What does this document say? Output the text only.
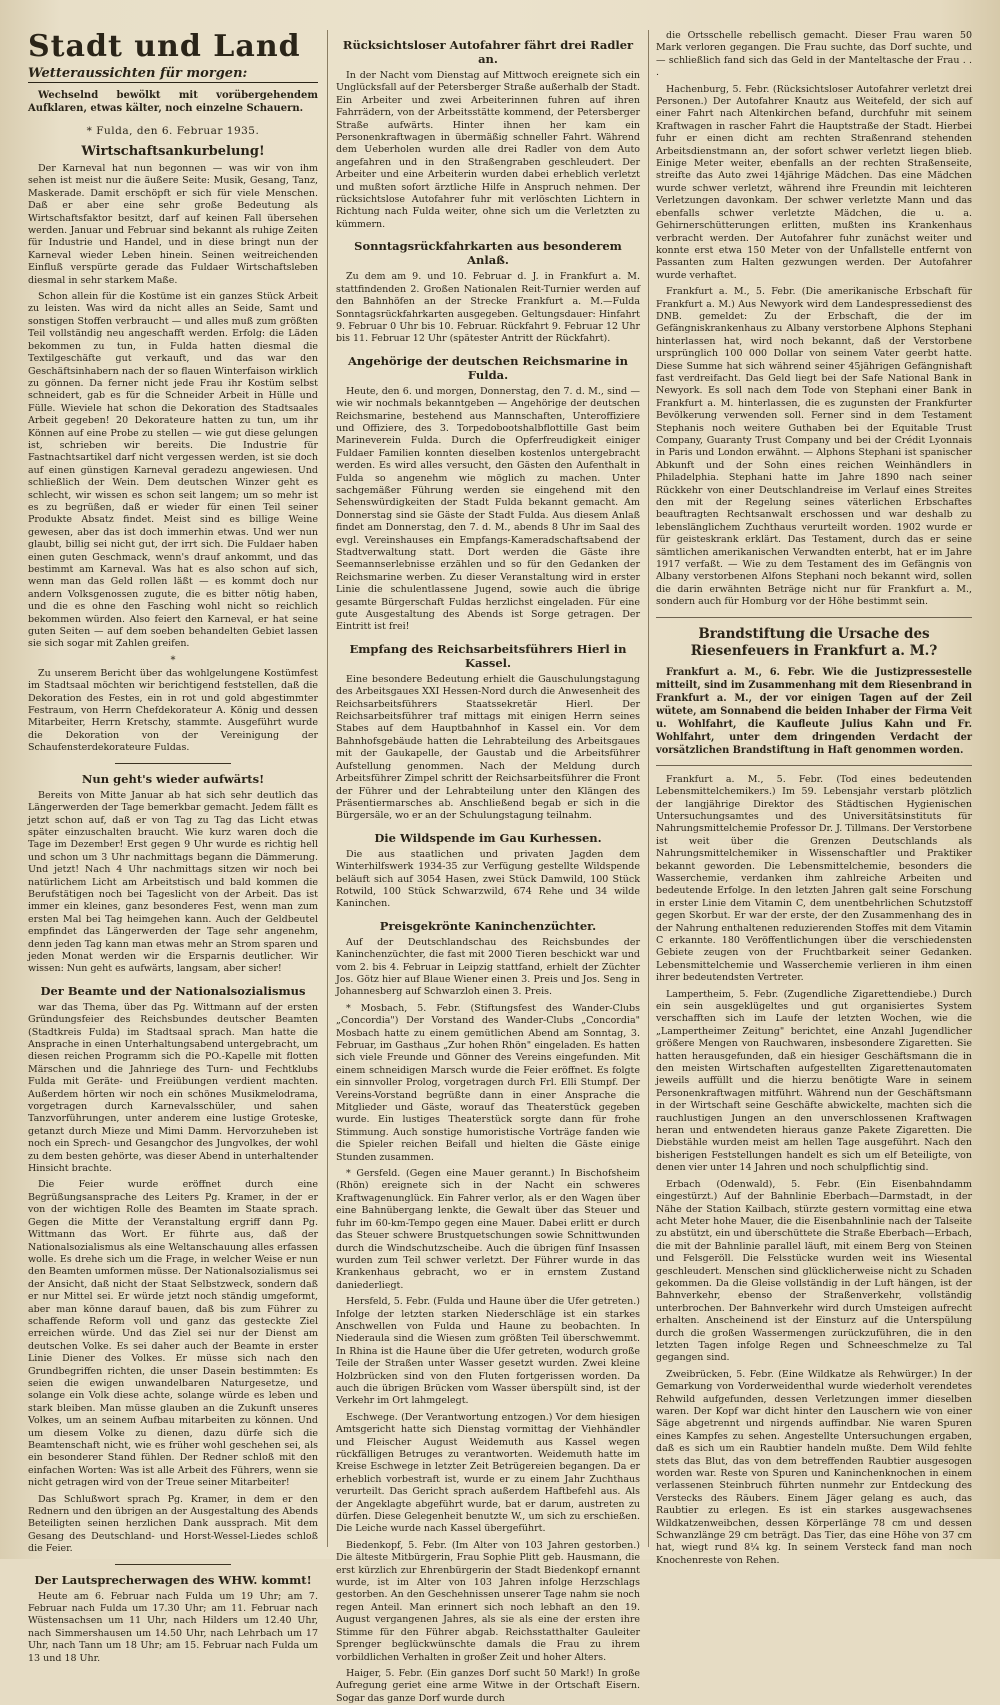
Stadt und Land
Wetteraussichten für morgen:

Wechselnd bewölkt mit vorübergehendem Aufklaren, etwas kälter, noch einzelne Schauern.

* Fulda, den 6. Februar 1935.
Wirtschaftsankurbelung!

Der Karneval hat nun begonnen — was wir von ihm sehen ist meist nur die äußere Seite: Musik, Gesang, Tanz, Maskerade. Damit erschöpft er sich für viele Menschen. Daß er aber eine sehr große Bedeutung als Wirtschaftsfaktor besitzt, darf auf keinen Fall übersehen werden. Januar und Februar sind bekannt als ruhige Zeiten für Industrie und Handel, und in diese bringt nun der Karneval wieder Leben hinein. Seinen weitreichenden Einfluß verspürte gerade das Fuldaer Wirtschaftsleben diesmal in sehr starkem Maße.

Schon allein für die Kostüme ist ein ganzes Stück Arbeit zu leisten. Was wird da nicht alles an Seide, Samt und sonstigen Stoffen verbraucht — und alles muß zum größten Teil vollständig neu angeschafft werden. Erfolg: die Läden bekommen zu tun, in Fulda hatten diesmal die Textilgeschäfte gut verkauft, und das war den Geschäftsinhabern nach der so flauen Winterfaison wirklich zu gönnen. Da ferner nicht jede Frau ihr Kostüm selbst schneidert, gab es für die Schneider Arbeit in Hülle und Fülle. Wieviele hat schon die Dekoration des Stadtsaales Arbeit gegeben! 20 Dekorateure hatten zu tun, um ihr Können auf eine Probe zu stellen — wie gut diese gelungen ist, schrieben wir bereits. Die Industrie für Fastnachtsartikel darf nicht vergessen werden, ist sie doch auf einen günstigen Karneval geradezu angewiesen. Und schließlich der Wein. Dem deutschen Winzer geht es schlecht, wir wissen es schon seit langem; um so mehr ist es zu begrüßen, daß er wieder für einen Teil seiner Produkte Absatz findet. Meist sind es billige Weine gewesen, aber das ist doch immerhin etwas. Und wer nun glaubt, billig sei nicht gut, der irrt sich. Die Fuldaer haben einen guten Geschmack, wenn's drauf ankommt, und das bestimmt am Karneval. Was hat es also schon auf sich, wenn man das Geld rollen läßt — es kommt doch nur andern Volksgenossen zugute, die es bitter nötig haben, und die es ohne den Fasching wohl nicht so reichlich bekommen würden. Also feiert den Karneval, er hat seine guten Seiten — auf dem soeben behandelten Gebiet lassen sie sich sogar mit Zahlen greifen.

*

Zu unserem Bericht über das wohlgelungene Kostümfest im Stadtsaal möchten wir berichtigend feststellen, daß die Dekoration des Festes, ein in rot und gold abgestimmter Festraum, von Herrn Chefdekorateur A. König und dessen Mitarbeiter, Herrn Kretschy, stammte. Ausgeführt wurde die Dekoration von der Vereinigung der Schaufensterdekorateure Fuldas.

Nun geht's wieder aufwärts!

Bereits von Mitte Januar ab hat sich sehr deutlich das Längerwerden der Tage bemerkbar gemacht. Jedem fällt es jetzt schon auf, daß er von Tag zu Tag das Licht etwas später einzuschalten braucht. Wie kurz waren doch die Tage im Dezember! Erst gegen 9 Uhr wurde es richtig hell und schon um 3 Uhr nachmittags begann die Dämmerung. Und jetzt! Nach 4 Uhr nachmittags sitzen wir noch bei natürlichem Licht am Arbeitstisch und bald kommen die Berufstätigen noch bei Tageslicht von der Arbeit. Das ist immer ein kleines, ganz besonderes Fest, wenn man zum ersten Mal bei Tag heimgehen kann. Auch der Geldbeutel empfindet das Längerwerden der Tage sehr angenehm, denn jeden Tag kann man etwas mehr an Strom sparen und jeden Monat werden wir die Ersparnis deutlicher. Wir wissen: Nun geht es aufwärts, langsam, aber sicher!

Der Beamte und der Nationalsozialismus

war das Thema, über das Pg. Wittmann auf der ersten Gründungsfeier des Reichsbundes deutscher Beamten (Stadtkreis Fulda) im Stadtsaal sprach. Man hatte die Ansprache in einen Unterhaltungsabend untergebracht, um diesen reichen Programm sich die PO.-Kapelle mit flotten Märschen und die Jahnriege des Turn- und Fechtklubs Fulda mit Geräte- und Freiübungen verdient machten. Außerdem hörten wir noch ein schönes Musikmelodrama, vorgetragen durch Karnevalsschüler, und sahen Tanzvorführungen, unter anderem eine lustige Groteske, getanzt durch Mieze und Mimi Damm. Hervorzuheben ist noch ein Sprech- und Gesangchor des Jungvolkes, der wohl zu dem besten gehörte, was dieser Abend in unterhaltender Hinsicht brachte.

Die Feier wurde eröffnet durch eine Begrüßungsansprache des Leiters Pg. Kramer, in der er von der wichtigen Rolle des Beamten im Staate sprach. Gegen die Mitte der Veranstaltung ergriff dann Pg. Wittmann das Wort. Er führte aus, daß der Nationalsozialismus als eine Weltanschauung alles erfassen wolle. Es drehe sich um die Frage, in welcher Weise er nun den Beamten umformen müsse. Der Nationalsozialismus sei der Ansicht, daß nicht der Staat Selbstzweck, sondern daß er nur Mittel sei. Er würde jetzt noch ständig umgeformt, aber man könne darauf bauen, daß bis zum Führer zu schaffende Reform voll und ganz das gesteckte Ziel erreichen würde. Und das Ziel sei nur der Dienst am deutschen Volke. Es sei daher auch der Beamte in erster Linie Diener des Volkes. Er müsse sich nach den Grundbegriffen richten, die unser Dasein bestimmten: Es seien die ewigen unwandelbaren Naturgesetze, und solange ein Volk diese achte, solange würde es leben und stark bleiben. Man müsse glauben an die Zukunft unseres Volkes, um an seinem Aufbau mitarbeiten zu können. Und um diesem Volke zu dienen, dazu dürfe sich die Beamtenschaft nicht, wie es früher wohl geschehen sei, als ein besonderer Stand fühlen. Der Redner schloß mit den einfachen Worten: Was ist alle Arbeit des Führers, wenn sie nicht getragen wird von der Treue seiner Mitarbeiter!

Das Schlußwort sprach Pg. Kramer, in dem er den Rednern und den übrigen an der Ausgestaltung des Abends Beteiligten seinen herzlichen Dank aussprach. Mit dem Gesang des Deutschland- und Horst-Wessel-Liedes schloß die Feier.

Der Lautsprecherwagen des WHW. kommt!

Heute am 6. Februar nach Fulda um 19 Uhr; am 7. Februar nach Fulda um 17.30 Uhr; am 11. Februar nach Wüstensachsen um 11 Uhr, nach Hilders um 12.40 Uhr, nach Simmershausen um 14.50 Uhr, nach Lehrbach um 17 Uhr, nach Tann um 18 Uhr; am 15. Februar nach Fulda um 13 und 18 Uhr.

Rücksichtsloser Autofahrer fährt drei Radler an.

In der Nacht vom Dienstag auf Mittwoch ereignete sich ein Unglücksfall auf der Petersberger Straße außerhalb der Stadt. Ein Arbeiter und zwei Arbeiterinnen fuhren auf ihren Fahrrädern, von der Arbeitsstätte kommend, der Petersberger Straße aufwärts. Hinter ihnen her kam ein Personenkraftwagen in übermäßig schneller Fahrt. Während dem Ueberholen wurden alle drei Radler von dem Auto angefahren und in den Straßengraben geschleudert. Der Arbeiter und eine Arbeiterin wurden dabei erheblich verletzt und mußten sofort ärztliche Hilfe in Anspruch nehmen. Der rücksichtslose Autofahrer fuhr mit verlöschten Lichtern in Richtung nach Fulda weiter, ohne sich um die Verletzten zu kümmern.

Sonntagsrückfahrkarten aus besonderem Anlaß.

Zu dem am 9. und 10. Februar d. J. in Frankfurt a. M. stattfindenden 2. Großen Nationalen Reit-Turnier werden auf den Bahnhöfen an der Strecke Frankfurt a. M.—Fulda Sonntagsrückfahrkarten ausgegeben. Geltungsdauer: Hinfahrt 9. Februar 0 Uhr bis 10. Februar. Rückfahrt 9. Februar 12 Uhr bis 11. Februar 12 Uhr (spätester Antritt der Rückfahrt).

Angehörige der deutschen Reichsmarine in Fulda.

Heute, den 6. und morgen, Donnerstag, den 7. d. M., sind — wie wir nochmals bekanntgeben — Angehörige der deutschen Reichsmarine, bestehend aus Mannschaften, Unteroffiziere und Offiziere, des 3. Torpedobootshalbflottille Gast beim Marineverein Fulda. Durch die Opferfreudigkeit einiger Fuldaer Familien konnten dieselben kostenlos untergebracht werden. Es wird alles versucht, den Gästen den Aufenthalt in Fulda so angenehm wie möglich zu machen. Unter sachgemäßer Führung werden sie eingehend mit den Sehenswürdigkeiten der Stadt Fulda bekannt gemacht. Am Donnerstag sind sie Gäste der Stadt Fulda. Aus diesem Anlaß findet am Donnerstag, den 7. d. M., abends 8 Uhr im Saal des evgl. Vereinshauses ein Empfangs-Kameradschaftsabend der Stadtverwaltung statt. Dort werden die Gäste ihre Seemannserlebnisse erzählen und so für den Gedanken der Reichsmarine werben. Zu dieser Veranstaltung wird in erster Linie die schulentlassene Jugend, sowie auch die übrige gesamte Bürgerschaft Fuldas herzlichst eingeladen. Für eine gute Ausgestaltung des Abends ist Sorge getragen. Der Eintritt ist frei!

Empfang des Reichsarbeitsführers Hierl in Kassel.

Eine besondere Bedeutung erhielt die Gauschulungstagung des Arbeitsgaues XXI Hessen-Nord durch die Anwesenheit des Reichsarbeitsführers Staatssekretär Hierl. Der Reichsarbeitsführer traf mittags mit einigen Herrn seines Stabes auf dem Hauptbahnhof in Kassel ein. Vor dem Bahnhofsgebäude hatten die Lehrabteilung des Arbeitsgaues mit der Gaukapelle, der Gaustab und die Arbeitsführer Aufstellung genommen. Nach der Meldung durch Arbeitsführer Zimpel schritt der Reichsarbeitsführer die Front der Führer und der Lehrabteilung unter den Klängen des Präsentiermarsches ab. Anschließend begab er sich in die Bürgersäle, wo er an der Schulungstagung teilnahm.

Die Wildspende im Gau Kurhessen.

Die aus staatlichen und privaten Jagden dem Winterhilfswerk 1934-35 zur Verfügung gestellte Wildspende beläuft sich auf 3054 Hasen, zwei Stück Damwild, 100 Stück Rotwild, 100 Stück Schwarzwild, 674 Rehe und 34 wilde Kaninchen.

Preisgekrönte Kaninchenzüchter.

Auf der Deutschlandschau des Reichsbundes der Kaninchenzüchter, die fast mit 2000 Tieren beschickt war und vom 2. bis 4. Februar in Leipzig stattfand, erhielt der Züchter Jos. Götz hier auf Blaue Wiener einen 3. Preis und Jos. Seng in Johannesberg auf Schwarzloh einen 3. Preis.

* Mosbach, 5. Febr. (Stiftungsfest des Wander-Clubs „Concordia") Der Vorstand des Wander-Clubs „Concordia" Mosbach hatte zu einem gemütlichen Abend am Sonntag, 3. Februar, im Gasthaus „Zur hohen Rhön" eingeladen. Es hatten sich viele Freunde und Gönner des Vereins eingefunden. Mit einem schneidigen Marsch wurde die Feier eröffnet. Es folgte ein sinnvoller Prolog, vorgetragen durch Frl. Elli Stumpf. Der Vereins-Vorstand begrüßte dann in einer Ansprache die Mitglieder und Gäste, worauf das Theaterstück gegeben wurde. Ein lustiges Theaterstück sorgte dann für frohe Stimmung. Auch sonstige humoristische Vorträge fanden wie die Spieler reichen Beifall und hielten die Gäste einige Stunden zusammen.

* Gersfeld. (Gegen eine Mauer gerannt.) In Bischofsheim (Rhön) ereignete sich in der Nacht ein schweres Kraftwagenunglück. Ein Fahrer verlor, als er den Wagen über eine Bahnübergang lenkte, die Gewalt über das Steuer und fuhr im 60-km-Tempo gegen eine Mauer. Dabei erlitt er durch das Steuer schwere Brustquetschungen sowie Schnittwunden durch die Windschutzscheibe. Auch die übrigen fünf Insassen wurden zum Teil schwer verletzt. Der Führer wurde in das Krankenhaus gebracht, wo er in ernstem Zustand daniederliegt.

Hersfeld, 5. Febr. (Fulda und Haune über die Ufer getreten.) Infolge der letzten starken Niederschläge ist ein starkes Anschwellen von Fulda und Haune zu beobachten. In Niederaula sind die Wiesen zum größten Teil überschwemmt. In Rhina ist die Haune über die Ufer getreten, wodurch große Teile der Straßen unter Wasser gesetzt wurden. Zwei kleine Holzbrücken sind von den Fluten fortgerissen worden. Da auch die übrigen Brücken vom Wasser überspült sind, ist der Verkehr im Ort lahmgelegt.

Eschwege. (Der Verantwortung entzogen.) Vor dem hiesigen Amtsgericht hatte sich Dienstag vormittag der Viehhändler und Fleischer August Weidemuth aus Kassel wegen rückfälligen Betruges zu verantworten. Weidemuth hatte im Kreise Eschwege in letzter Zeit Betrügereien begangen. Da er erheblich vorbestraft ist, wurde er zu einem Jahr Zuchthaus verurteilt. Das Gericht sprach außerdem Haftbefehl aus. Als der Angeklagte abgeführt wurde, bat er darum, austreten zu dürfen. Diese Gelegenheit benutzte W., um sich zu erschießen. Die Leiche wurde nach Kassel übergeführt.

Biedenkopf, 5. Febr. (Im Alter von 103 Jahren gestorben.) Die älteste Mitbürgerin, Frau Sophie Plitt geb. Hausmann, die erst kürzlich zur Ehrenbürgerin der Stadt Biedenkopf ernannt wurde, ist im Alter von 103 Jahren infolge Herzschlags gestorben. An den Geschehnissen unserer Tage nahm sie noch regen Anteil. Man erinnert sich noch lebhaft an den 19. August vergangenen Jahres, als sie als eine der ersten ihre Stimme für den Führer abgab. Reichsstatthalter Gauleiter Sprenger beglückwünschte damals die Frau zu ihrem vorbildlichen Verhalten in großer Zeit und hoher Alters.

Haiger, 5. Febr. (Ein ganzes Dorf sucht 50 Mark!) In große Aufregung geriet eine arme Witwe in der Ortschaft Eisern. Sogar das ganze Dorf wurde durch

die Ortsschelle rebellisch gemacht. Dieser Frau waren 50 Mark verloren gegangen. Die Frau suchte, das Dorf suchte, und — schließlich fand sich das Geld in der Manteltasche der Frau . . .

Hachenburg, 5. Febr. (Rücksichtsloser Autofahrer verletzt drei Personen.) Der Autofahrer Knautz aus Weitefeld, der sich auf einer Fahrt nach Altenkirchen befand, durchfuhr mit seinem Kraftwagen in rascher Fahrt die Hauptstraße der Stadt. Hierbei fuhr er einen dicht am rechten Straßenrand stehenden Arbeitsdienstmann an, der sofort schwer verletzt liegen blieb. Einige Meter weiter, ebenfalls an der rechten Straßenseite, streifte das Auto zwei 14jährige Mädchen. Das eine Mädchen wurde schwer verletzt, während ihre Freundin mit leichteren Verletzungen davonkam. Der schwer verletzte Mann und das ebenfalls schwer verletzte Mädchen, die u. a. Gehirnerschütterungen erlitten, mußten ins Krankenhaus verbracht werden. Der Autofahrer fuhr zunächst weiter und konnte erst etwa 150 Meter von der Unfallstelle entfernt von Passanten zum Halten gezwungen werden. Der Autofahrer wurde verhaftet.

Frankfurt a. M., 5. Febr. (Die amerikanische Erbschaft für Frankfurt a. M.) Aus Newyork wird dem Landespressedienst des DNB. gemeldet: Zu der Erbschaft, die der im Gefängniskrankenhaus zu Albany verstorbene Alphons Stephani hinterlassen hat, wird noch bekannt, daß der Verstorbene ursprünglich 100 000 Dollar von seinem Vater geerbt hatte. Diese Summe hat sich während seiner 45jährigen Gefängnishaft fast verdreifacht. Das Geld liegt bei der Safe National Bank in Newyork. Es soll nach dem Tode von Stephani einer Bank in Frankfurt a. M. hinterlassen, die es zugunsten der Frankfurter Bevölkerung verwenden soll. Ferner sind in dem Testament Stephanis noch weitere Guthaben bei der Equitable Trust Company, Guaranty Trust Company und bei der Crédit Lyonnais in Paris und London erwähnt. — Alphons Stephani ist spanischer Abkunft und der Sohn eines reichen Weinhändlers in Philadelphia. Stephani hatte im Jahre 1890 nach seiner Rückkehr von einer Deutschlandreise im Verlauf eines Streites den mit der Regelung seines väterlichen Erbschaftes beauftragten Rechtsanwalt erschossen und war deshalb zu lebenslänglichem Zuchthaus verurteilt worden. 1902 wurde er für geisteskrank erklärt. Das Testament, durch das er seine sämtlichen amerikanischen Verwandten enterbt, hat er im Jahre 1917 verfaßt. — Wie zu dem Testament des im Gefängnis von Albany verstorbenen Alfons Stephani noch bekannt wird, sollen die darin erwähnten Beträge nicht nur für Frankfurt a. M., sondern auch für Homburg vor der Höhe bestimmt sein.

Brandstiftung die Ursache des Riesenfeuers in Frankfurt a. M.?

Frankfurt a. M., 6. Febr. Wie die Justizpressestelle mitteilt, sind im Zusammenhang mit dem Riesenbrand in Frankfurt a. M., der vor einigen Tagen auf der Zeil wütete, am Sonnabend die beiden Inhaber der Firma Veit u. Wohlfahrt, die Kaufleute Julius Kahn und Fr. Wohlfahrt, unter dem dringenden Verdacht der vorsätzlichen Brandstiftung in Haft genommen worden.

Frankfurt a. M., 5. Febr. (Tod eines bedeutenden Lebensmittelchemikers.) Im 59. Lebensjahr verstarb plötzlich der langjährige Direktor des Städtischen Hygienischen Untersuchungsamtes und des Universitätsinstituts für Nahrungsmittelchemie Professor Dr. J. Tillmans. Der Verstorbene ist weit über die Grenzen Deutschlands als Nahrungsmittelchemiker in Wissenschaftler und Praktiker bekannt geworden. Die Lebensmittelchemie, besonders die Wasserchemie, verdanken ihm zahlreiche Arbeiten und bedeutende Erfolge. In den letzten Jahren galt seine Forschung in erster Linie dem Vitamin C, dem unentbehrlichen Schutzstoff gegen Skorbut. Er war der erste, der den Zusammenhang des in der Nahrung enthaltenen reduzierenden Stoffes mit dem Vitamin C erkannte. 180 Veröffentlichungen über die verschiedensten Gebiete zeugen von der Fruchtbarkeit seiner Gedanken. Lebensmittelchemie und Wasserchemie verlieren in ihm einen ihrer bedeutendsten Vertreter.

Lampertheim, 5. Febr. (Zugendliche Zigarettendiebe.) Durch ein sein ausgeklügeltes und gut organisiertes System verschafften sich im Laufe der letzten Wochen, wie die „Lampertheimer Zeitung" berichtet, eine Anzahl Jugendlicher größere Mengen von Rauchwaren, insbesondere Zigaretten. Sie hatten herausgefunden, daß ein hiesiger Geschäftsmann die in den meisten Wirtschaften aufgestellten Zigarettenautomaten jeweils auffüllt und die hierzu benötigte Ware in seinem Personenkraftwagen mitführt. Während nun der Geschäftsmann in der Wirtschaft seine Geschäfte abwickelte, machten sich die rauchlustigen Jungen an den unverschlossenen Kraftwagen heran und entwendeten hieraus ganze Pakete Zigaretten. Die Diebstähle wurden meist am hellen Tage ausgeführt. Nach den bisherigen Feststellungen handelt es sich um elf Beteiligte, von denen vier unter 14 Jahren und noch schulpflichtig sind.

Erbach (Odenwald), 5. Febr. (Ein Eisenbahndamm eingestürzt.) Auf der Bahnlinie Eberbach—Darmstadt, in der Nähe der Station Kailbach, stürzte gestern vormittag eine etwa acht Meter hohe Mauer, die die Eisenbahnlinie nach der Talseite zu abstützt, ein und überschüttete die Straße Eberbach—Erbach, die mit der Bahnlinie parallel läuft, mit einem Berg von Steinen und Felsgeröll. Die Felsstücke wurden weit ins Wiesental geschleudert. Menschen sind glücklicherweise nicht zu Schaden gekommen. Da die Gleise vollständig in der Luft hängen, ist der Bahnverkehr, ebenso der Straßenverkehr, vollständig unterbrochen. Der Bahnverkehr wird durch Umsteigen aufrecht erhalten. Anscheinend ist der Einsturz auf die Unterspülung durch die großen Wassermengen zurückzuführen, die in den letzten Tagen infolge Regen und Schneeschmelze zu Tal gegangen sind.

Zweibrücken, 5. Febr. (Eine Wildkatze als Rehwürger.) In der Gemarkung von Vorderweidenthal wurde wiederholt verendetes Rehwild aufgefunden, dessen Verletzungen immer dieselben waren. Der Kopf war dicht hinter den Lauschern wie von einer Säge abgetrennt und nirgends auffindbar. Nie waren Spuren eines Kampfes zu sehen. Angestellte Untersuchungen ergaben, daß es sich um ein Raubtier handeln mußte. Dem Wild fehlte stets das Blut, das von dem betreffenden Raubtier ausgesogen worden war. Reste von Spuren und Kaninchenknochen in einem verlassenen Steinbruch führten nunmehr zur Entdeckung des Verstecks des Räubers. Einem Jäger gelang es auch, das Raubtier zu erlegen. Es ist ein starkes ausgewachsenes Wildkatzenweibchen, dessen Körperlänge 78 cm und dessen Schwanzlänge 29 cm beträgt. Das Tier, das eine Höhe von 37 cm hat, wiegt rund 8¼ kg. In seinem Versteck fand man noch Knochenreste von Rehen.
